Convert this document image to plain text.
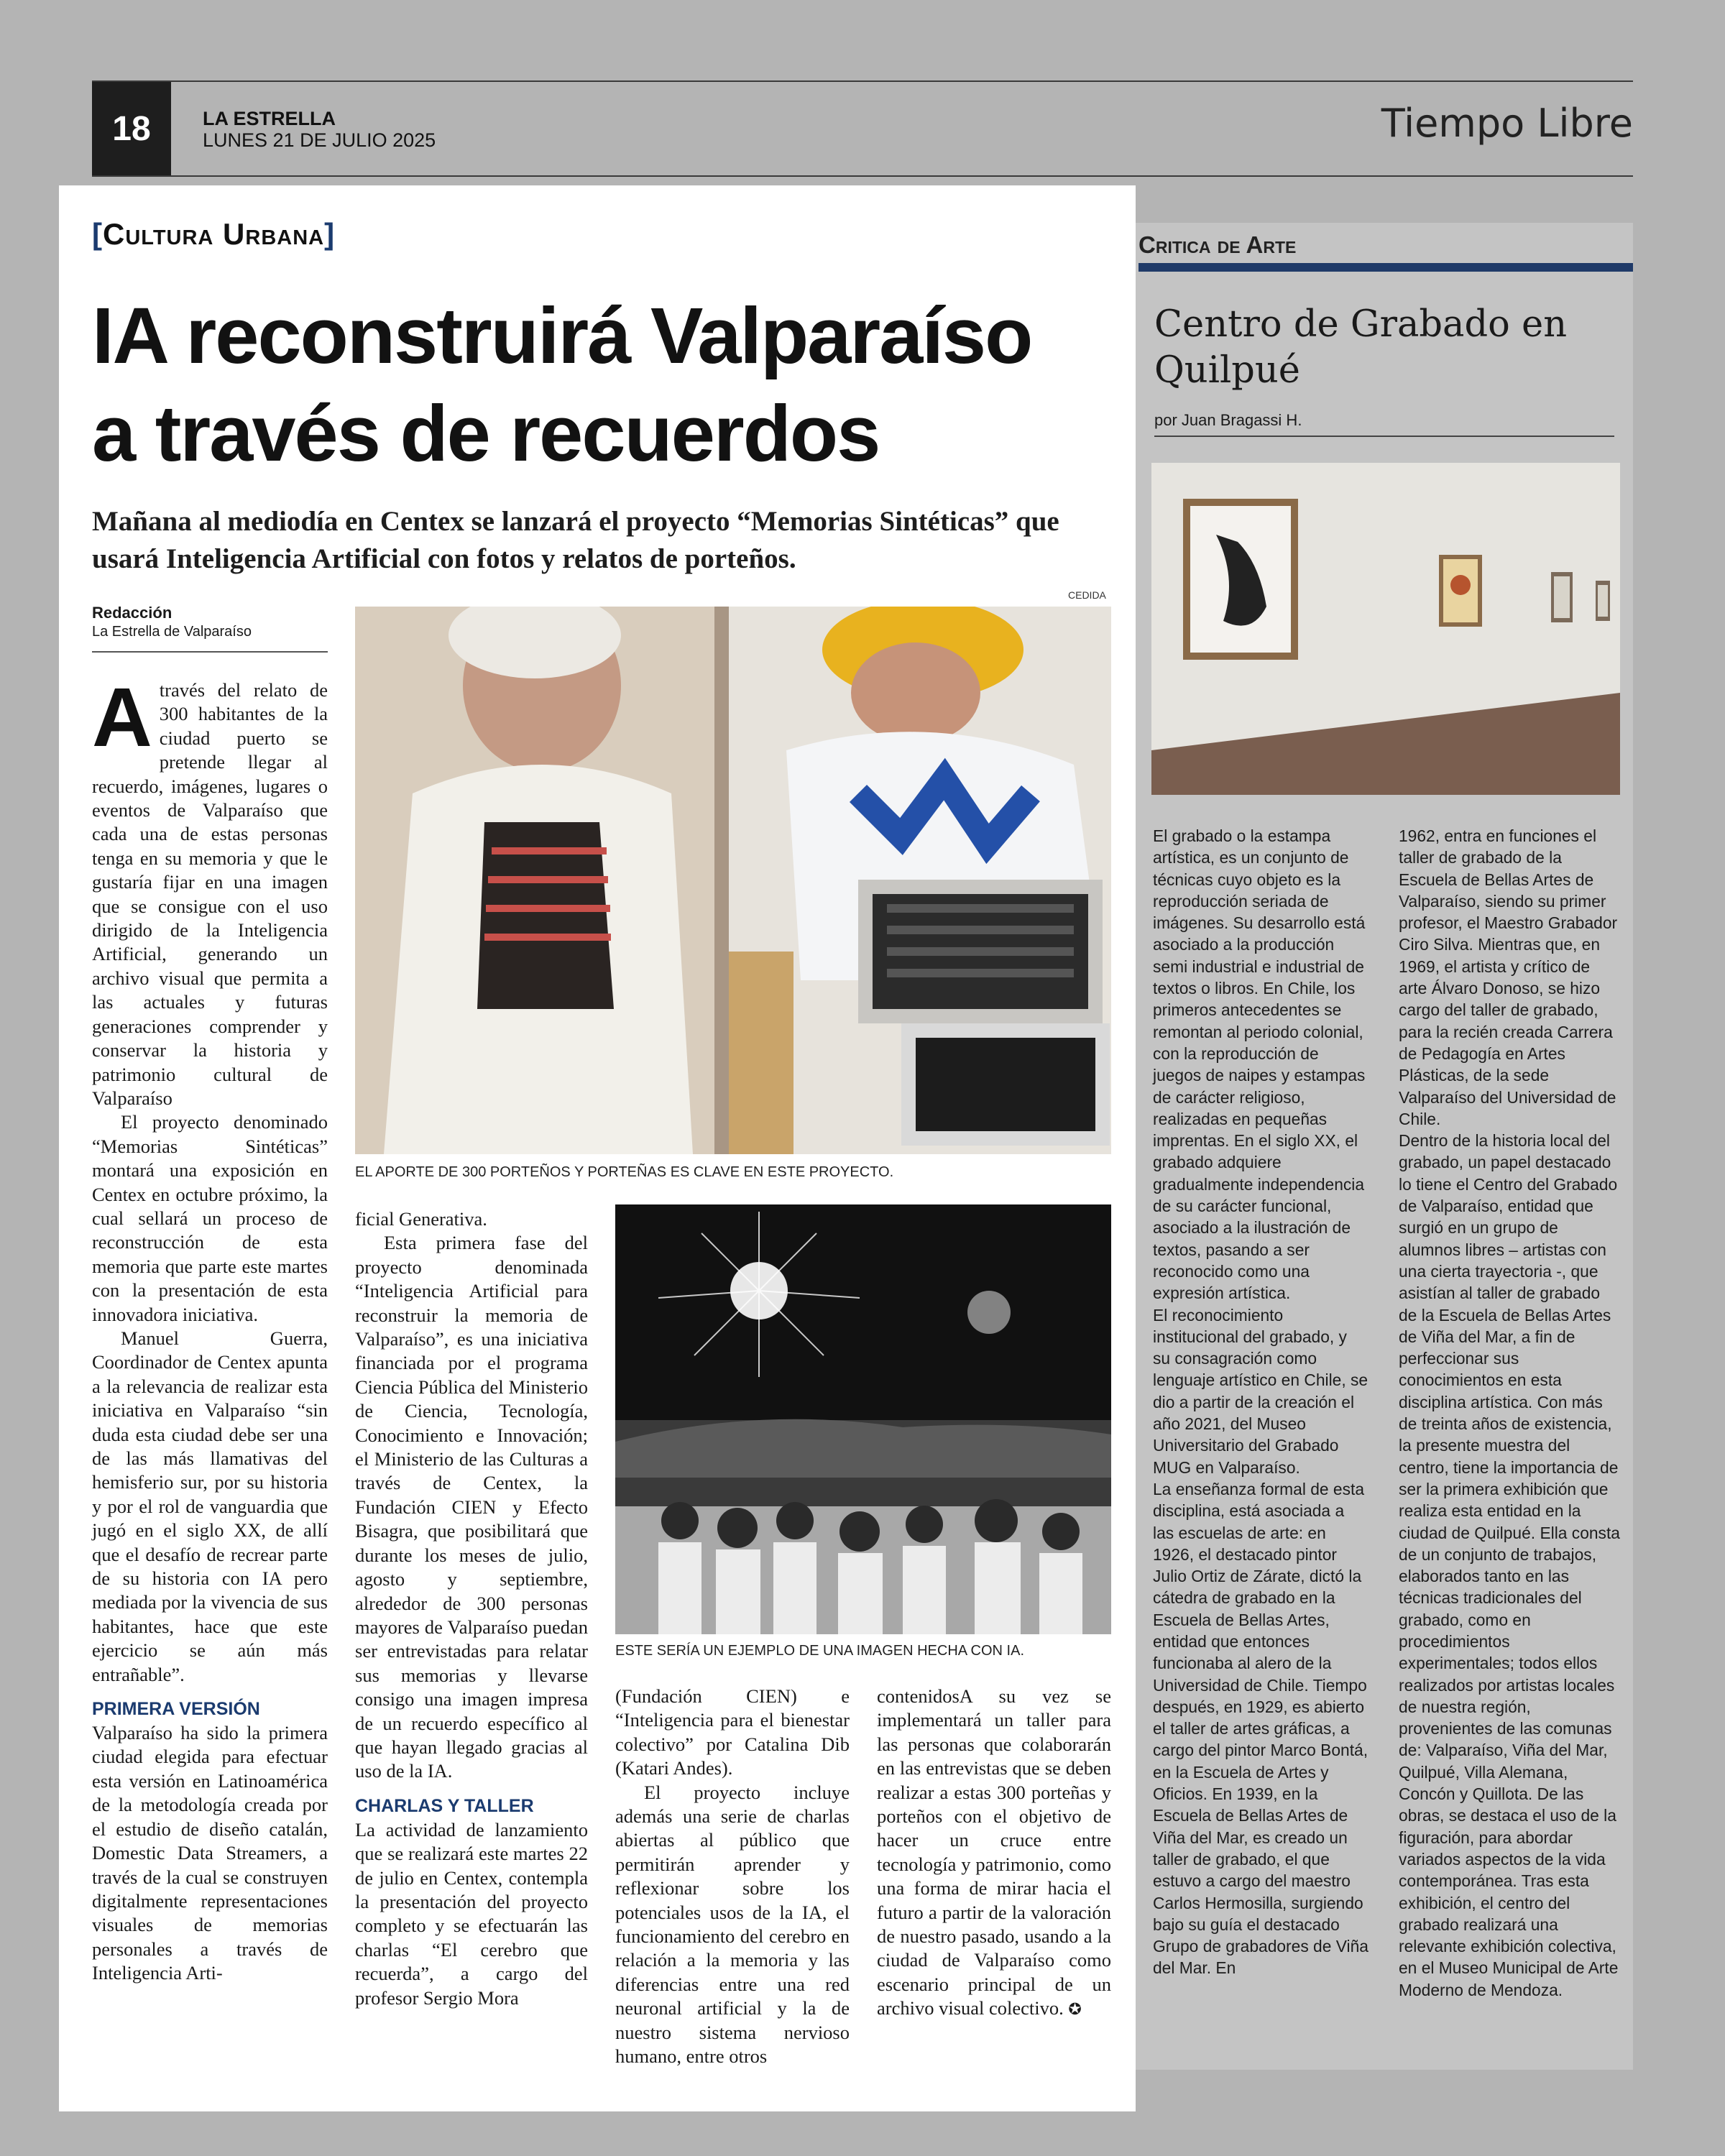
18	LA ESTRELLA
LUNES 21 DE JULIO 2025	Tiempo Libre
[Cultura Urbana]
IA reconstruirá Valparaíso
a través de recuerdos
Mañana al mediodía en Centex se lanzará el proyecto “Memorias Sintéticas” que usará Inteligencia Artificial con fotos y relatos de porteños.
Redacción
La Estrella de Valparaíso
CEDIDA
EL APORTE DE 300 PORTEÑOS Y PORTEÑAS ES CLAVE EN ESTE PROYECTO.
ESTE SERÍA UN EJEMPLO DE UNA IMAGEN HECHA CON IA.

Através del relato de 300 habitantes de la ciudad puerto se pretende llegar al recuerdo, imágenes, lugares o eventos de Valparaíso que cada una de estas personas tenga en su memoria y que le gustaría fijar en una imagen que se consigue con el uso dirigido de la Inteligencia Artificial, generando un archivo visual que permita a las actuales y futuras generaciones comprender y conservar la historia y patrimonio cultural de Valparaíso

El proyecto denominado “Memorias Sintéticas” montará una exposición en Centex en octubre próximo, la cual sellará un proceso de reconstrucción de esta memoria que parte este martes con la presentación de esta innovadora iniciativa.

Manuel Guerra, Coordinador de Centex apunta a la relevancia de realizar esta iniciativa en Valparaíso “sin duda esta ciudad debe ser una de las más llamativas del hemisferio sur, por su historia y por el rol de vanguardia que jugó en el siglo XX, de allí que el desafío de recrear parte de su historia con IA pero mediada por la vivencia de sus habitantes, hace que este ejercicio se aún más entrañable”.

PRIMERA VERSIÓN

Valparaíso ha sido la primera ciudad elegida para efectuar esta versión en Latinoamérica de la metodología creada por el estudio de diseño catalán, Domestic Data Streamers, a través de la cual se construyen digitalmente representaciones visuales de memorias personales a través de Inteligencia Arti-

ficial Generativa.

Esta primera fase del proyecto denominada “Inteligencia Artificial para reconstruir la memoria de Valparaíso”, es una iniciativa financiada por el programa Ciencia Pública del Ministerio de Ciencia, Tecnología, Conocimiento e Innovación; el Ministerio de las Culturas a través de Centex, la Fundación CIEN y Efecto Bisagra, que posibilitará que durante los meses de julio, agosto y septiembre, alrededor de 300 personas mayores de Valparaíso puedan ser entrevistadas para relatar sus memorias y llevarse consigo una imagen impresa de un recuerdo específico al que hayan llegado gracias al uso de la IA.

CHARLAS Y TALLER

La actividad de lanzamiento que se realizará este martes 22 de julio en Centex, contempla la presentación del proyecto completo y se efectuarán las charlas “El cerebro que recuerda”, a cargo del profesor Sergio Mora

(Fundación CIEN) e “Inteligencia para el bienestar colectivo” por Catalina Dib (Katari Andes).

El proyecto incluye además una serie de charlas abiertas al público que permitirán aprender y reflexionar sobre los potenciales usos de la IA, el funcionamiento del cerebro en relación a la memoria y las diferencias entre una red neuronal artificial y la de nuestro sistema nervioso humano, entre otros

contenidosA su vez se implementará un taller para las personas que colaborarán en las entrevistas que se deben realizar a estas 300 porteñas y porteños con el objetivo de hacer un cruce entre tecnología y patrimonio, como una forma de mirar hacia el futuro a partir de la valoración de nuestro pasado, usando a la ciudad de Valparaíso como escenario principal de un archivo visual colectivo. ✪

Critica de Arte
Centro de Grabado en Quilpué
por Juan Bragassi H.

El grabado o la estampa artística, es un conjunto de técnicas cuyo objeto es la reproducción seriada de imágenes. Su desarrollo está asociado a la producción semi industrial e industrial de textos o libros. En Chile, los primeros antecedentes se remontan al periodo colonial, con la reproducción de juegos de naipes y estampas de carácter religioso, realizadas en pequeñas imprentas. En el siglo XX, el grabado adquiere gradualmente independencia de su carácter funcional, asociado a la ilustración de textos, pasando a ser reconocido como una expresión artística.

El reconocimiento institucional del grabado, y su consagración como lenguaje artístico en Chile, se dio a partir de la creación el año 2021, del Museo Universitario del Grabado MUG en Valparaíso.

La enseñanza formal de esta disciplina, está asociada a las escuelas de arte: en 1926, el destacado pintor Julio Ortiz de Zárate, dictó la cátedra de grabado en la Escuela de Bellas Artes, entidad que entonces funcionaba al alero de la Universidad de Chile. Tiempo después, en 1929, es abierto el taller de artes gráficas, a cargo del pintor Marco Bontá, en la Escuela de Artes y Oficios. En 1939, en la Escuela de Bellas Artes de Viña del Mar, es creado un taller de grabado, el que estuvo a cargo del maestro Carlos Hermosilla, surgiendo bajo su guía el destacado Grupo de grabadores de Viña del Mar. En

1962, entra en funciones el taller de grabado de la Escuela de Bellas Artes de Valparaíso, siendo su primer profesor, el Maestro Grabador Ciro Silva. Mientras que, en 1969, el artista y crítico de arte Álvaro Donoso, se hizo cargo del taller de grabado, para la recién creada Carrera de Pedagogía en Artes Plásticas, de la sede Valparaíso del Universidad de Chile.

Dentro de la historia local del grabado, un papel destacado lo tiene el Centro del Grabado de Valparaíso, entidad que surgió en un grupo de alumnos libres – artistas con una cierta trayectoria -, que asistían al taller de grabado de la Escuela de Bellas Artes de Viña del Mar, a fin de perfeccionar sus conocimientos en esta disciplina artística. Con más de treinta años de existencia, la presente muestra del centro, tiene la importancia de ser la primera exhibición que realiza esta entidad en la ciudad de Quilpué. Ella consta de un conjunto de trabajos, elaborados tanto en las técnicas tradicionales del grabado, como en procedimientos experimentales; todos ellos realizados por artistas locales de nuestra región, provenientes de las comunas de: Valparaíso, Viña del Mar, Quilpué, Villa Alemana, Concón y Quillota. De las obras, se destaca el uso de la figuración, para abordar variados aspectos de la vida contemporánea. Tras esta exhibición, el centro del grabado realizará una relevante exhibición colectiva, en el Museo Municipal de Arte Moderno de Mendoza.
